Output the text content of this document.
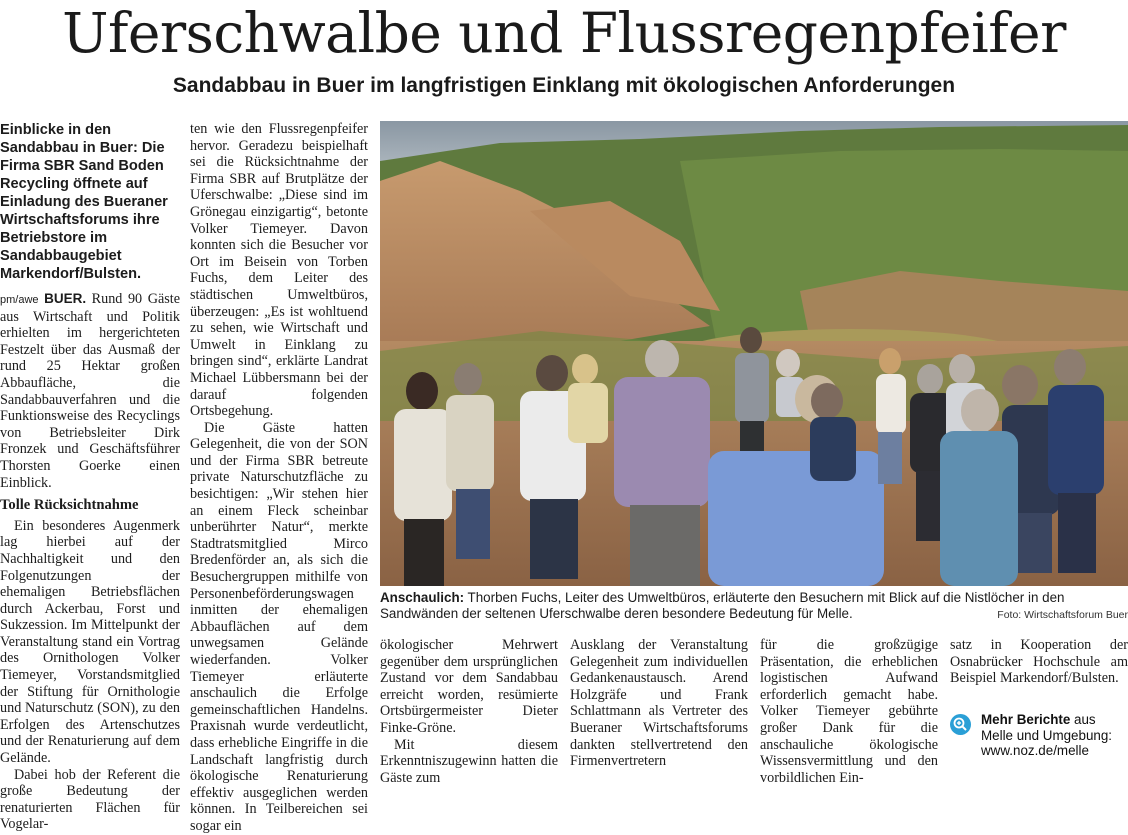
Uferschwalbe und Flussregenpfeifer
Sandabbau in Buer im langfristigen Einklang mit ökologischen Anforderungen

Einblicke in den Sandabbau in Buer: Die Firma SBR Sand Boden Recycling öffnete auf Einladung des Bueraner Wirtschaftsforums ihre Betriebstore im Sandabbaugebiet Markendorf/Bulsten.

pm/awe BUER. Rund 90 Gäste aus Wirtschaft und Politik erhielten im hergerichteten Festzelt über das Ausmaß der rund 25 Hektar großen Abbaufläche, die Sandabbauverfahren und die Funktionsweise des Recyclings von Betriebsleiter Dirk Fronzek und Geschäftsführer Thorsten Goerke einen Einblick.

Tolle Rücksichtnahme

Ein besonderes Augenmerk lag hierbei auf der Nachhaltigkeit und den Folgenutzungen der ehemaligen Betriebsflächen durch Ackerbau, Forst und Sukzession. Im Mittelpunkt der Veranstaltung stand ein Vortrag des Ornithologen Volker Tiemeyer, Vorstandsmitglied der Stiftung für Ornithologie und Naturschutz (SON), zu den Erfolgen des Artenschutzes und der Renaturierung auf dem Gelände.

Dabei hob der Referent die große Bedeutung der renaturierten Flächen für Vogelar-

ten wie den Flussregenpfeifer hervor. Geradezu beispielhaft sei die Rücksichtnahme der Firma SBR auf Brutplätze der Uferschwalbe: „Diese sind im Grönegau einzigartig“, betonte Volker Tiemeyer. Davon konnten sich die Besucher vor Ort im Beisein von Torben Fuchs, dem Leiter des städtischen Umweltbüros, überzeugen: „Es ist wohltuend zu sehen, wie Wirtschaft und Umwelt in Einklang zu bringen sind“, erklärte Landrat Michael Lübbersmann bei der darauf folgenden Ortsbegehung.

Die Gäste hatten Gelegenheit, die von der SON und der Firma SBR betreute private Naturschutzfläche zu besichtigen: „Wir stehen hier an einem Fleck scheinbar unberührter Natur“, merkte Stadtratsmitglied Mirco Bredenförder an, als sich die Besuchergruppen mithilfe von Personenbeförderungswagen inmitten der ehemaligen Abbauflächen auf dem unwegsamen Gelände wiederfanden. Volker Tiemeyer erläuterte anschaulich die Erfolge gemeinschaftlichen Handelns. Praxisnah wurde verdeutlicht, dass erhebliche Eingriffe in die Landschaft langfristig durch ökologische Renaturierung effektiv ausgeglichen werden können. In Teilbereichen sei sogar ein

Anschaulich: Thorben Fuchs, Leiter des Umweltbüros, erläuterte den Besuchern mit Blick auf die Nistlöcher in den Sandwänden der seltenen Uferschwalbe deren besondere Bedeutung für Melle.	Foto: Wirtschaftsforum Buer

ökologischer Mehrwert gegenüber dem ursprünglichen Zustand vor dem Sandabbau erreicht worden, resümierte Ortsbürgermeister Dieter Finke-Gröne.

Mit diesem Erkenntniszugewinn hatten die Gäste zum

Ausklang der Veranstaltung Gelegenheit zum individuellen Gedankenaustausch. Arend Holzgräfe und Frank Schlattmann als Vertreter des Bueraner Wirtschaftsforums dankten stellvertretend den Firmenvertretern

für die großzügige Präsentation, die erheblichen logistischen Aufwand erforderlich gemacht habe. Volker Tiemeyer gebührte großer Dank für die anschauliche ökologische Wissensvermittlung und den vorbildlichen Ein-

satz in Kooperation der Osnabrücker Hochschule am Beispiel Markendorf/Bulsten.

Mehr Berichte aus Melle und Umgebung:
www.noz.de/melle
